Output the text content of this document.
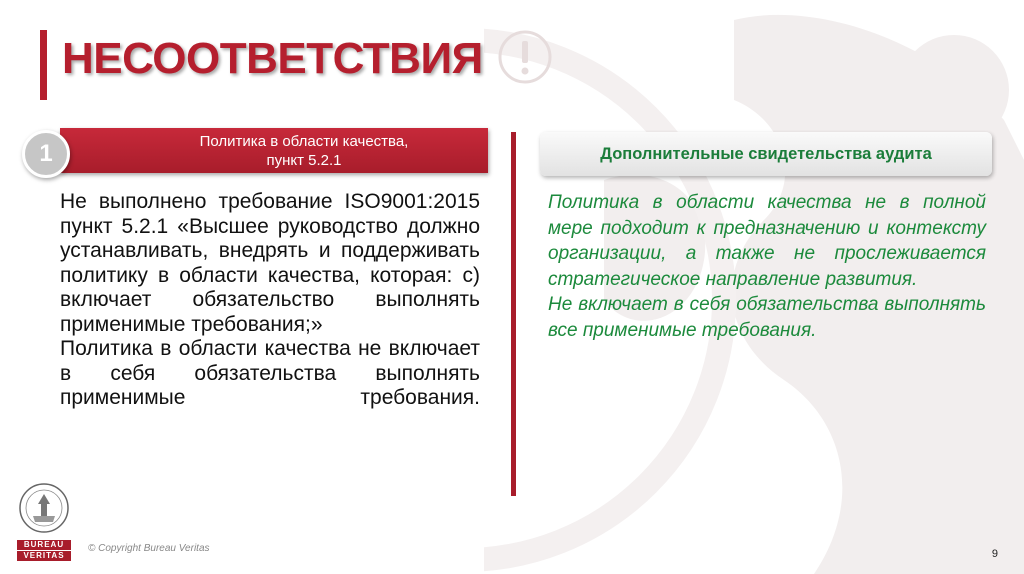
НЕСООТВЕТСТВИЯ
Политика в области качества,
пункт 5.2.1
1

Не выполнено требование ISO9001:2015 пункт 5.2.1 «Высшее руководство должно устанавливать, внедрять и поддерживать политику в области качества, которая: c) включает обязательство выполнять применимые требования;»

Политика в области качества не включает в себя обязательства выполнять применимые требования.

Дополнительные свидетельства аудита

Политика в области качества не в полной мере подходит к предназначению и контексту организации, а также не прослеживается стратегическое направление развития.

Не включает в себя обязательства выполнять все применимые требования.

BUREAU
VERITAS
© Copyright Bureau Veritas	9
